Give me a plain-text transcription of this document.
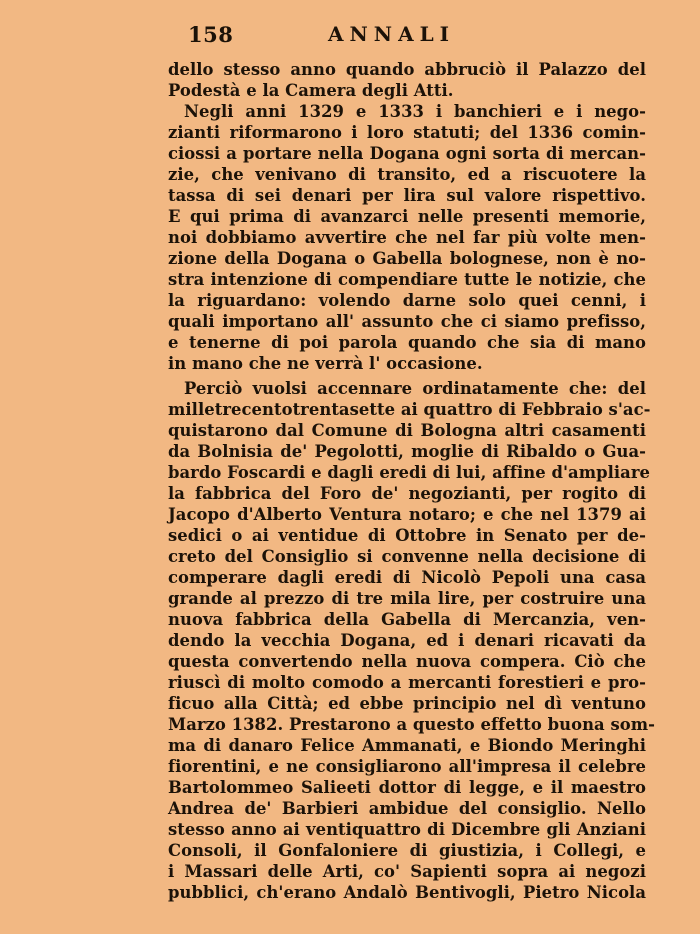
158	ANNALI
dello stesso anno quando abbruciò il Palazzo del
Podestà e la Camera degli Atti.
Negli anni 1329 e 1333 i banchieri e i nego-
zianti riformarono i loro statuti; del 1336 comin-
ciossi a portare nella Dogana ogni sorta di mercan-
zie, che venivano di transito, ed a riscuotere la
tassa di sei denari per lira sul valore rispettivo.
E qui prima di avanzarci nelle presenti memorie,
noi dobbiamo avvertire che nel far più volte men-
zione della Dogana o Gabella bolognese, non è no-
stra intenzione di compendiare tutte le notizie, che
la riguardano: volendo darne solo quei cenni, i
quali importano all' assunto che ci siamo prefisso,
e tenerne di poi parola quando che sia di mano
in mano che ne verrà l' occasione.
Perciò vuolsi accennare ordinatamente che: del
milletrecentotrentasette ai quattro di Febbraio s'ac-
quistarono dal Comune di Bologna altri casamenti
da Bolnisia de' Pegolotti, moglie di Ribaldo o Gua-
bardo Foscardi e dagli eredi di lui, affine d'ampliare
la fabbrica del Foro de' negozianti, per rogito di
Jacopo d'Alberto Ventura notaro; e che nel 1379 ai
sedici o ai ventidue di Ottobre in Senato per de-
creto del Consiglio si convenne nella decisione di
comperare dagli eredi di Nicolò Pepoli una casa
grande al prezzo di tre mila lire, per costruire una
nuova fabbrica della Gabella di Mercanzia, ven-
dendo la vecchia Dogana, ed i denari ricavati da
questa convertendo nella nuova compera. Ciò che
riuscì di molto comodo a mercanti forestieri e pro-
ficuo alla Città; ed ebbe principio nel dì ventuno
Marzo 1382. Prestarono a questo effetto buona som-
ma di danaro Felice Ammanati, e Biondo Meringhi
fiorentini, e ne consigliarono all'impresa il celebre
Bartolommeo Salieeti dottor di legge, e il maestro
Andrea de' Barbieri ambidue del consiglio. Nello
stesso anno ai ventiquattro di Dicembre gli Anziani
Consoli, il Gonfaloniere di giustizia, i Collegi, e
i Massari delle Arti, co' Sapienti sopra ai negozi
pubblici, ch'erano Andalò Bentivogli, Pietro Nicola
